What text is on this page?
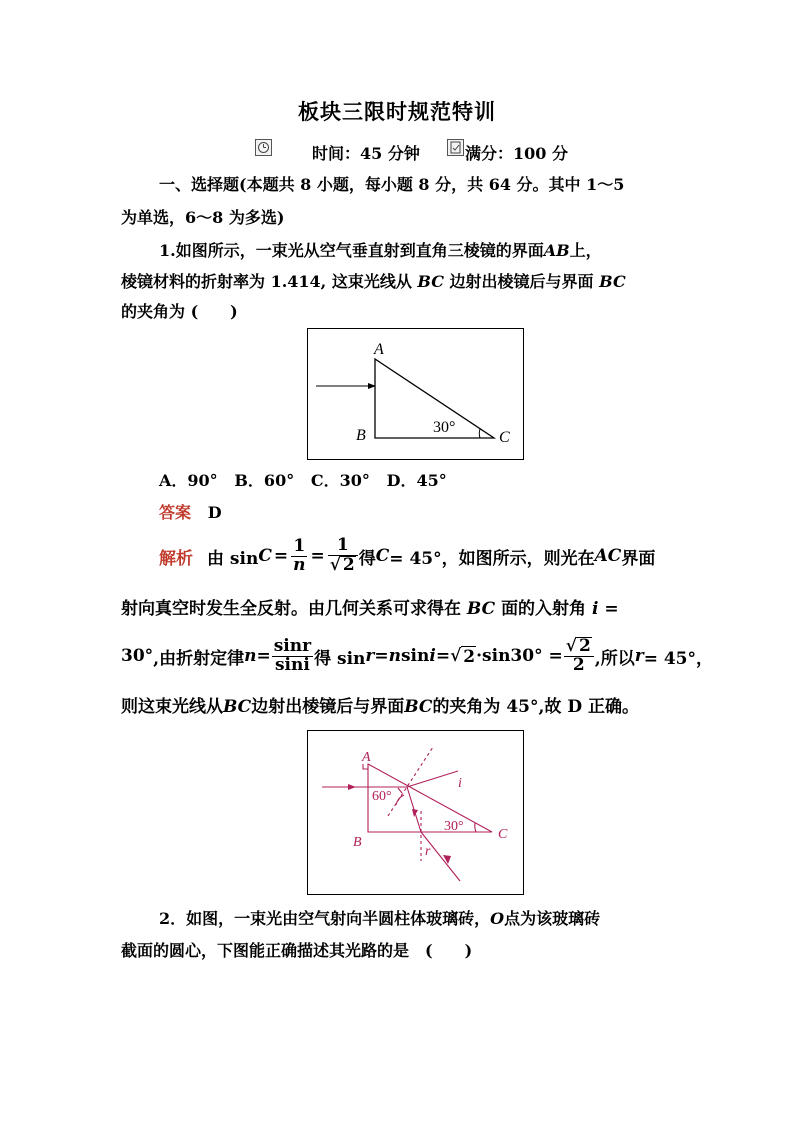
板块三限时规范特训
时间：45 分钟	满分：100 分
一、选择题(本题共 8 小题，每小题 8 分，共 64 分。其中 1～5
为单选，6～8 为多选)
1.如图所示，一束光从空气垂直射到直角三棱镜的界面AB上，
棱镜材料的折射率为 1.414, 这束光线从 BC 边射出棱镜后与界面 BC
的夹角为 (　　)
A
B	C
30°
A．90° B．60° C．30° D．45°
答案 D
解析 由 $\sin C = \frac{1}{n} = \frac{1}{√ 2}$ 得 C = 45°，如图所示，则光在 AC 界面
射向真空时发生全反射。由几何关系可求得在 BC 面的入射角 i =
30° ,由折射定律 $n = \frac{\sin r}{\sin i}$ 得 sin r = n sin i = √ $2 \cdot\sin 30^\circ = \frac{√ 2}{2}$ ,所以 r = 45°，
则这束光线从BC边射出棱镜后与界面BC的夹角为 45°,故 D 正确。
A
B
C
60°
30°
i
r
2．如图，一束光由空气射向半圆柱体玻璃砖，O点为该玻璃砖
截面的圆心，下图能正确描述其光路的是　(　　)
